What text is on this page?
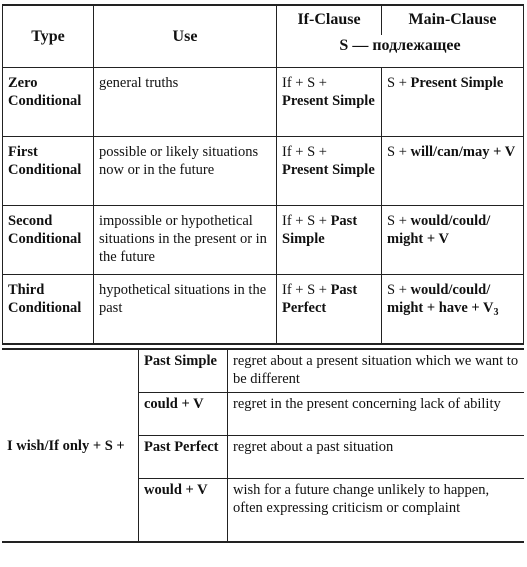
Type	Use	If-Clause	Main-Clause
		S — подлежащее	
Zero Conditional	general truths	If + S + Present Simple	S + Present Simple
First Conditional	possible or likely situations now or in the future	If + S + Present Simple	S + will/can/may + V
Second Conditional	impossible or hypothetical situations in the present or in the future	If + S + Past Simple	S + would/could/ might + V
Third Conditional	hypothetical situations in the past	If + S + Past Perfect	S + would/could/ might + have + $V_3$
I wish/If only + S +	Past Simple	regret about a present situation which we want to be different
	could + V	regret in the present concerning lack of ability
	Past Perfect	regret about a past situation
	would + V	wish for a future change unlikely to happen, often expressing criticism or complaint
